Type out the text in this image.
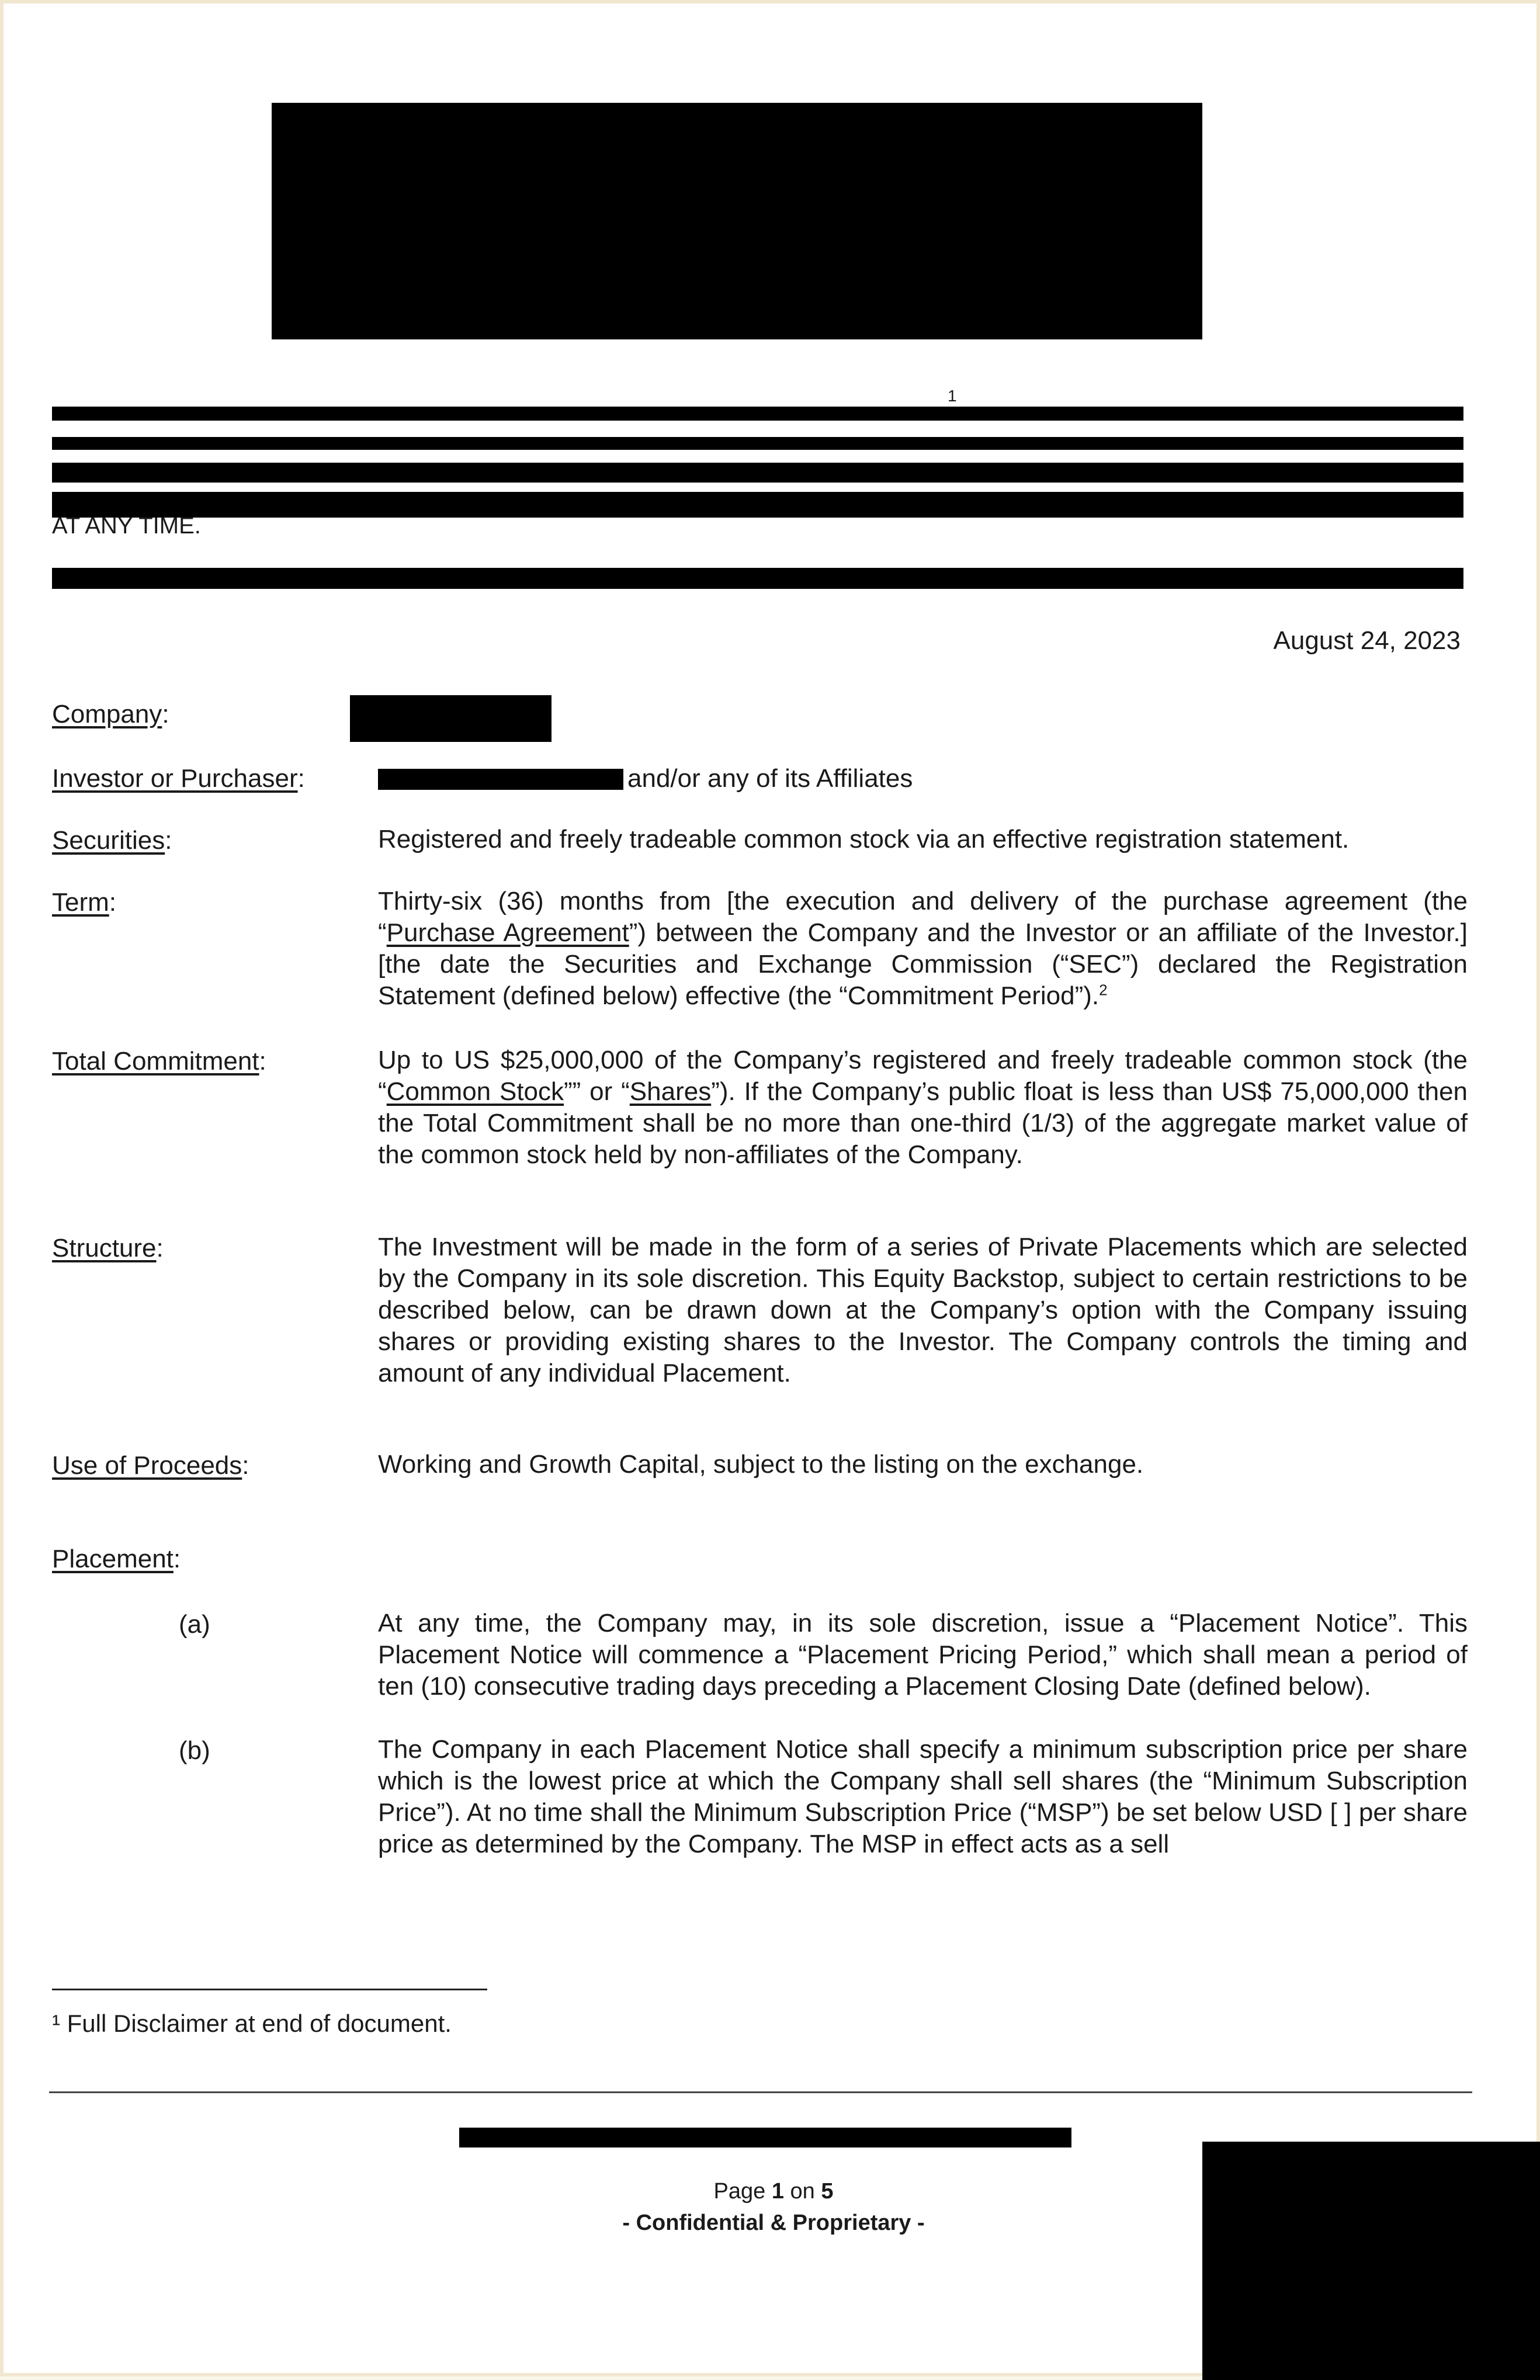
1
AT ANY TIME.
August 24, 2023
Company:
Investor or Purchaser:	and/or any of its Affiliates
Securities:	Registered and freely tradeable common stock via an effective registration statement.
Term:	Thirty-six (36) months from [the execution and delivery of the purchase agreement (the “Purchase Agreement”) between the Company and the Investor or an affiliate of the Investor.] [the date the Securities and Exchange Commission (“SEC”) declared the Registration Statement (defined below) effective (the “Commitment Period”).$^2$
Total Commitment:	Up to US $25,000,000 of the Company’s registered and freely tradeable common stock (the “Common Stock”” or “Shares”). If the Company’s public float is less than US$ 75,000,000 then the Total Commitment shall be no more than one-third (1/3) of the aggregate market value of the common stock held by non-affiliates of the Company.
Structure:	The Investment will be made in the form of a series of Private Placements which are selected by the Company in its sole discretion. This Equity Backstop, subject to certain restrictions to be described below, can be drawn down at the Company’s option with the Company issuing shares or providing existing shares to the Investor. The Company controls the timing and amount of any individual Placement.
Use of Proceeds:	Working and Growth Capital, subject to the listing on the exchange.
Placement:
(a)	At any time, the Company may, in its sole discretion, issue a “Placement Notice”. This Placement Notice will commence a “Placement Pricing Period,” which shall mean a period of ten (10) consecutive trading days preceding a Placement Closing Date (defined below).
(b)	The Company in each Placement Notice shall specify a minimum subscription price per share which is the lowest price at which the Company shall sell shares (the “Minimum Subscription Price”). At no time shall the Minimum Subscription Price (“MSP”) be set below USD [ ] per share price as determined by the Company. The MSP in effect acts as a sell
¹ Full Disclaimer at end of document.
Page 1 on 5
- Confidential & Proprietary -
